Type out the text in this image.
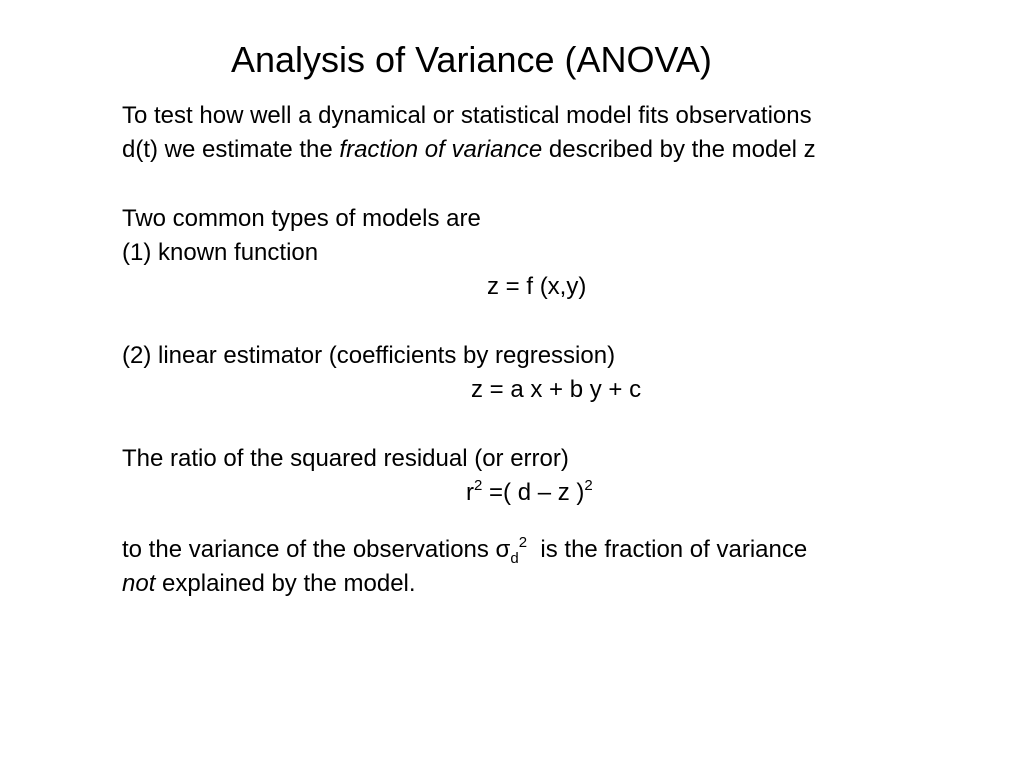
Analysis of Variance (ANOVA)
To test how well a dynamical or statistical model fits observations
d(t) we estimate the fraction of variance described by the model z
Two common types of models are
(1) known function
z = f (x,y)
(2) linear estimator (coefficients by regression)
z = a x + b y + c
The ratio of the squared residual (or error)
$r^2$ =( d – z )$^2$
to the variance of the observations $\sigma_d^2$  is the fraction of variance
not explained by the model.
